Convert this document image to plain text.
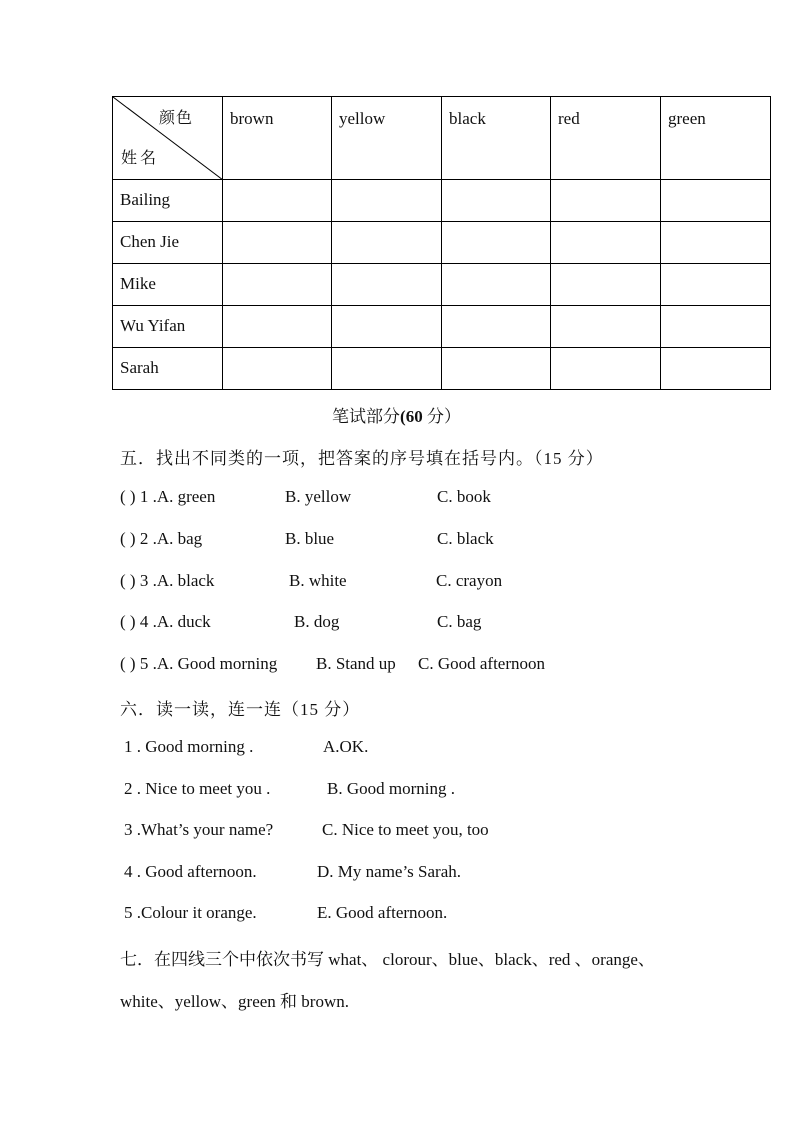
颜色
姓名	brown	yellow	black	red	green
Bailing					
Chen Jie					
Mike					
Wu Yifan					
Sarah					
笔试部分(60 分）
五．找出不同类的一项，把答案的序号填在括号内。（15 分）
( ) 1 .A. green	B. yellow	C. book
( ) 2 .A. bag	B. blue	C. black
( ) 3 .A. black	B. white	C. crayon
( ) 4 .A. duck	B. dog	C. bag
( ) 5 .A. Good morning B. Stand up C. Good afternoon
六．读一读，连一连（15 分）
1 . Good morning .	A.OK.
2 . Nice to meet you .	B. Good morning .
3 .What’s your name?	C. Nice to meet you, too
4 . Good afternoon.	D. My name’s Sarah.
5 .Colour it orange.	E. Good afternoon.
七．在四线三个中依次书写 what、 clorour、blue、black、red 、orange、
white、yellow、green 和 brown.
